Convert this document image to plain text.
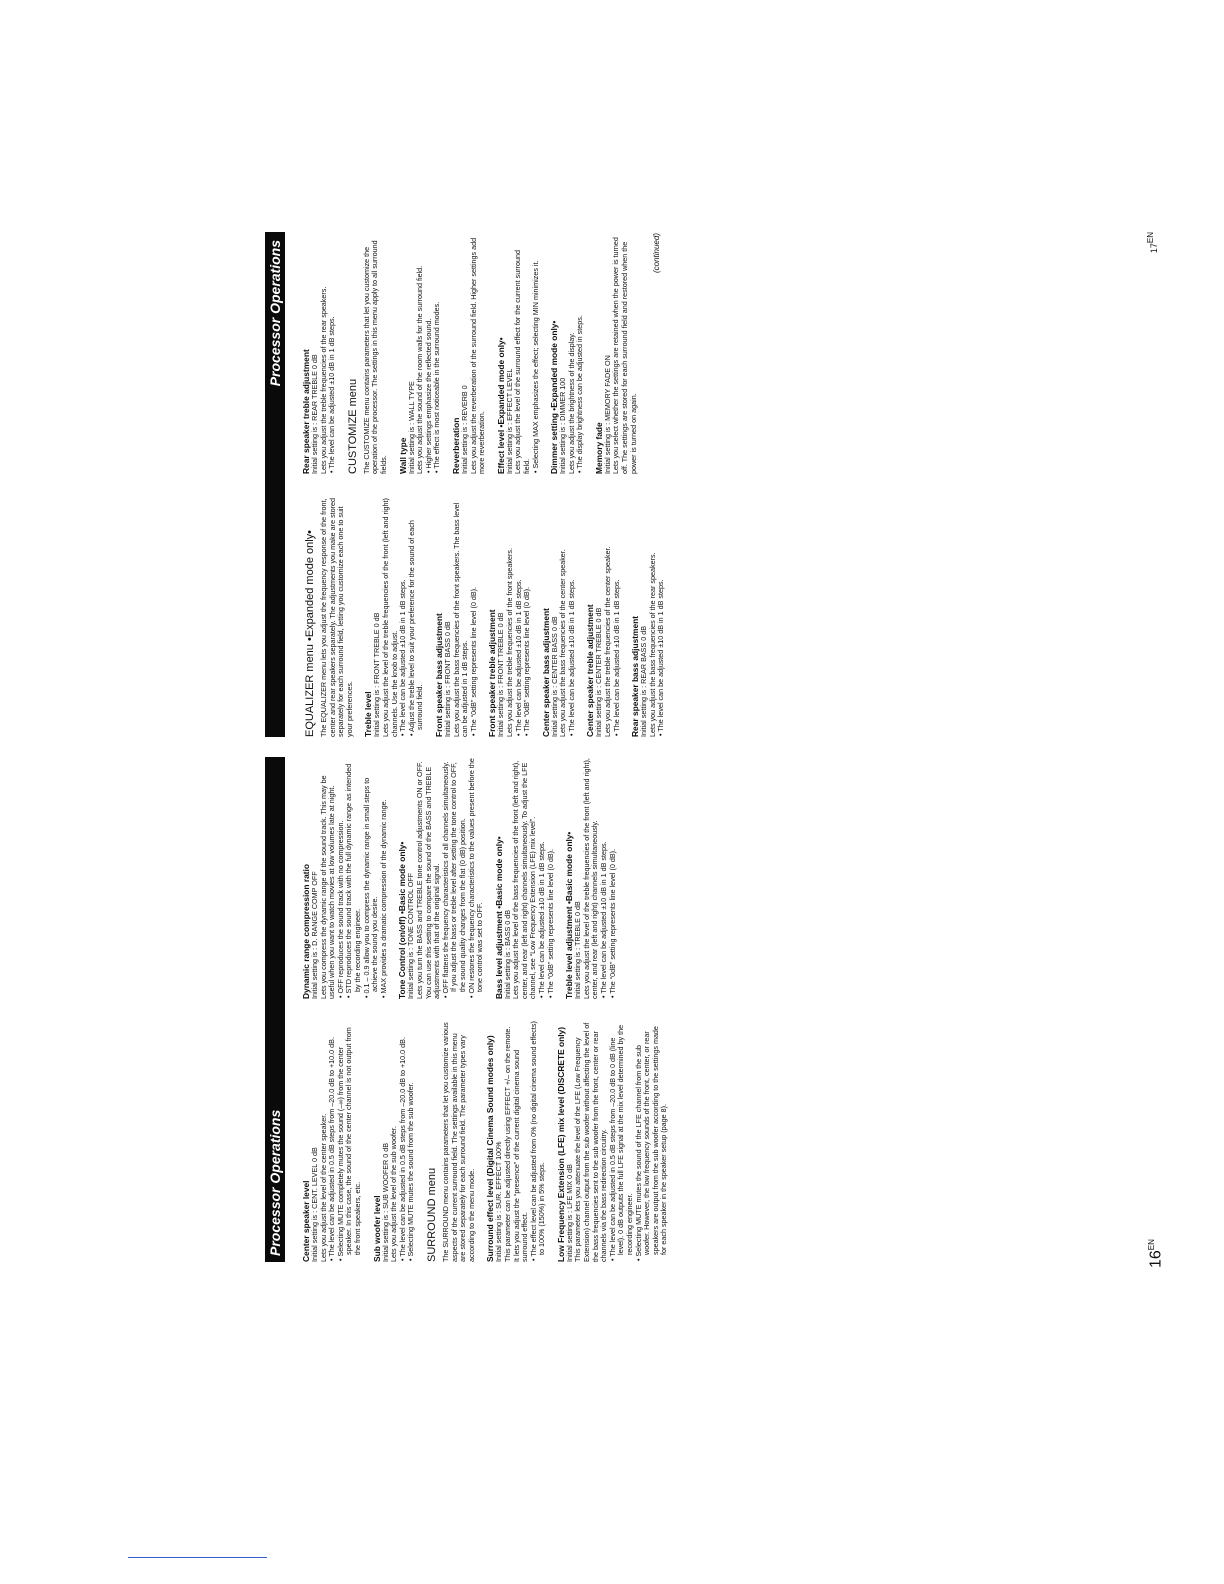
Processor Operations Center speaker level Initial setting is : CENT. LEVEL 0 dB Lets you adjust the level of the center speaker. • The level can be adjusted in 0.5 dB steps from –20.0 dB to +10.0 dB.
• Selecting MUTE completely mutes the sound (–∞) from the center speaker. In this case, the sound of the center channel is not output from the front speakers, etc. Sub woofer level Initial setting is : SUB WOOFER 0 dB Lets you adjust the level of the sub woofer. • The level can be adjusted in 0.5 dB steps from –20.0 dB to +10.0 dB.
• Selecting MUTE mutes the sound from the sub woofer. SURROUND menu The SURROUND menu contains parameters that let you customize various aspects of the current surround field. The settings available in this menu are stored separately for each surround field. The parameter types vary according to the menu mode. Surround effect level (Digital Cinema Sound modes only) Initial setting is : SUR. EFFECT 100% This parameter can be adjusted directly using EFFECT +/– on the remote. It lets you adjust the “presence” of the current digital cinema sound surround effect. • The effect level can be adjusted from 0% (no digital cinema sound effects) to 100% (150%) in 5% steps. Low Frequency Extension (LFE) mix level (DISCRETE only) Initial setting is : LFE MIX 0 dB This parameter lets you attenuate the level of the LFE (Low Frequency Extension) channel output from the sub woofer without affecting the level of the bass frequencies sent to the sub woofer from the front, center or rear channels via the bass redirection circuitry. • The level can be adjusted in 0.5 dB steps from –20.0 dB to 0 dB (line level). 0 dB outputs the full LFE signal at the mix level determined by the recording engineer.
• Selecting MUTE mutes the sound of the LFE channel from the sub woofer. However, the low frequency sounds of the front, center, or rear speakers are output from the sub woofer according to the settings made for each speaker in the speaker setup (page 8).
Dynamic range compression ratio Initial setting is : D. RANGE COMP OFF Lets you compress the dynamic range of the sound track. This may be useful when you want to watch movies at low volumes late at night. • OFF reproduces the sound track with no compression.
• STD reproduces the sound track with the full dynamic range as intended by the recording engineer.
• 0.1 – 0.9 allow you to compress the dynamic range in small steps to achieve the sound you desire.
• MAX provides a dramatic compression of the dynamic range. Tone Control (on/off) •Basic mode only• Initial setting is : TONE CONTROL OFF Lets you turn the BASS and TREBLE tone control adjustments ON or OFF. You can use this setting to compare the sound of the BASS and TREBLE adjustments with that of the original signal. • OFF flattens the frequency characteristics of all channels simultaneously. If you adjust the bass or treble level after setting the tone control to OFF, the sound quality changes from the flat (0 dB) position.
• ON restores the frequency characteristics to the values present before the tone control was set to OFF. Bass level adjustment •Basic mode only• Initial setting is : BASS 0 dB Lets you adjust the level of the bass frequencies of the front (left and right), center, and rear (left and right) channels simultaneously. To adjust the LFE channel, see “Low Frequency Extension (LFE) mix level”. • The level can be adjusted ±10 dB in 1 dB steps.
• The “0dB” setting represents line level (0 dB). Treble level adjustment •Basic mode only• Initial setting is : TREBLE 0 dB Lets you adjust the level of the treble frequencies of the front (left and right), center, and rear (left and right) channels simultaneously. • The level can be adjusted ±10 dB in 1 dB steps.
• The “0dB” setting represents line level (0 dB).
$16^{EN}$
Processor Operations
EQUALIZER menu •Expanded mode only• The EQUALIZER menu lets you adjust the frequency response of the front, center and rear speakers separately. The adjustments you make are stored separately for each surround field, letting you customize each one to suit your preferences. Treble level Initial setting is : FRONT TREBLE 0 dB Lets you adjust the level of the treble frequencies of the front (left and right) channels. Use the knob to adjust. • The level can be adjusted ±10 dB in 1 dB steps.
• Adjust the treble level to suit your preference for the sound of each surround field. Front speaker bass adjustment Initial setting is : FRONT BASS 0 dB Lets you adjust the bass frequencies of the front speakers. The bass level can be adjusted in 1 dB steps. • The “0dB” setting represents line level (0 dB). Front speaker treble adjustment Initial setting is : FRONT TREBLE 0 dB Lets you adjust the treble frequencies of the front speakers. • The level can be adjusted ±10 dB in 1 dB steps.
• The “0dB” setting represents line level (0 dB). Center speaker bass adjustment Initial setting is : CENTER BASS 0 dB Lets you adjust the bass frequencies of the center speaker. • The level can be adjusted ±10 dB in 1 dB steps. Center speaker treble adjustment Initial setting is : CENTER TREBLE 0 dB Lets you adjust the treble frequencies of the center speaker. • The level can be adjusted ±10 dB in 1 dB steps. Rear speaker bass adjustment Initial setting is : REAR BASS 0 dB Lets you adjust the bass frequencies of the rear speakers. • The level can be adjusted ±10 dB in 1 dB steps.
Rear speaker treble adjustment Initial setting is : REAR TREBLE 0 dB Lets you adjust the treble frequencies of the rear speakers. • The level can be adjusted ±10 dB in 1 dB steps. CUSTOMIZE menu The CUSTOMIZE menu contains parameters that let you customize the operation of the processor. The settings in this menu apply to all surround fields. Wall type Initial setting is : WALL TYPE Lets you adjust the sound of the room walls for the surround field. • Higher settings emphasize the reflected sound.
• The effect is most noticeable in the surround modes. Reverberation Initial setting is : REVERB 0 Lets you adjust the reverberation of the surround field. Higher settings add more reverberation. Effect level •Expanded mode only• Initial setting is : EFFECT LEVEL Lets you adjust the level of the surround effect for the current surround field. • Selecting MAX emphasizes the effect; selecting MIN minimizes it. Dimmer setting •Expanded mode only• Initial setting is : DIMMER 100 Lets you adjust the brightness of the display. • The display brightness can be adjusted in steps. Memory fade Initial setting is : MEMORY FADE ON Lets you select whether the settings are retained when the power is turned off. The settings are stored for each surround field and restored when the power is turned on again.
(continued)	17EN
